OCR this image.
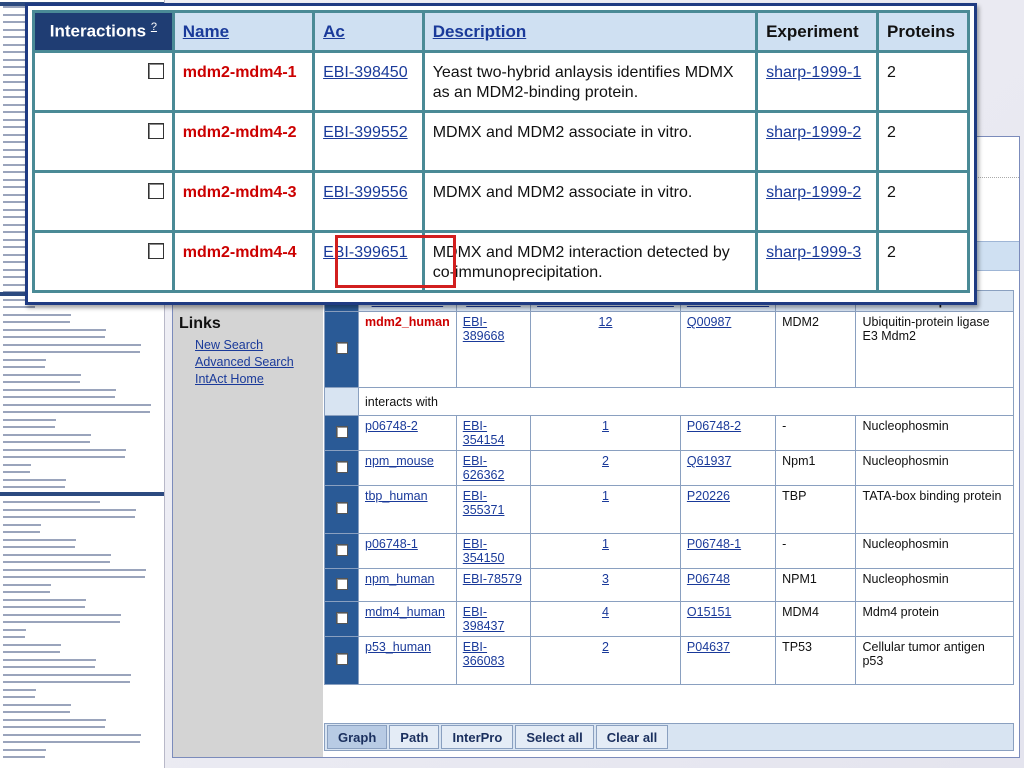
Links
New Search
Advanced Search
IntAct Home

	mdm2_human	EBI-389668	12	Q00987	MDM2	Ubiquitin-protein ligase E3 Mdm2
	interacts with					
	p06748-2	EBI-354154	1	P06748-2	-	Nucleophosmin
	npm_mouse	EBI-626362	2	Q61937	Npm1	Nucleophosmin
	tbp_human	EBI-355371	1	P20226	TBP	TATA-box binding protein
	p06748-1	EBI-354150	1	P06748-1	-	Nucleophosmin
	npm_human	EBI-78579	3	P06748	NPM1	Nucleophosmin
	mdm4_human	EBI-398437	4	O15151	MDM4	Mdm4 protein
	p53_human	EBI-366083	2	P04637	TP53	Cellular tumor antigen p53
Graph	Path	InterPro	Select all	Clear all
Interactions ?	Name	Ac	Description	Experiment	Proteins
	mdm2-mdm4-1	EBI-398450	Yeast two-hybrid anlaysis identifies MDMX as an MDM2-binding protein.	sharp-1999-1	2
	mdm2-mdm4-2	EBI-399552	MDMX and MDM2 associate in vitro.	sharp-1999-2	2
	mdm2-mdm4-3	EBI-399556	MDMX and MDM2 associate in vitro.	sharp-1999-2	2
	mdm2-mdm4-4	EBI-399651	MDMX and MDM2 interaction detected by co-immunoprecipitation.	sharp-1999-3	2
